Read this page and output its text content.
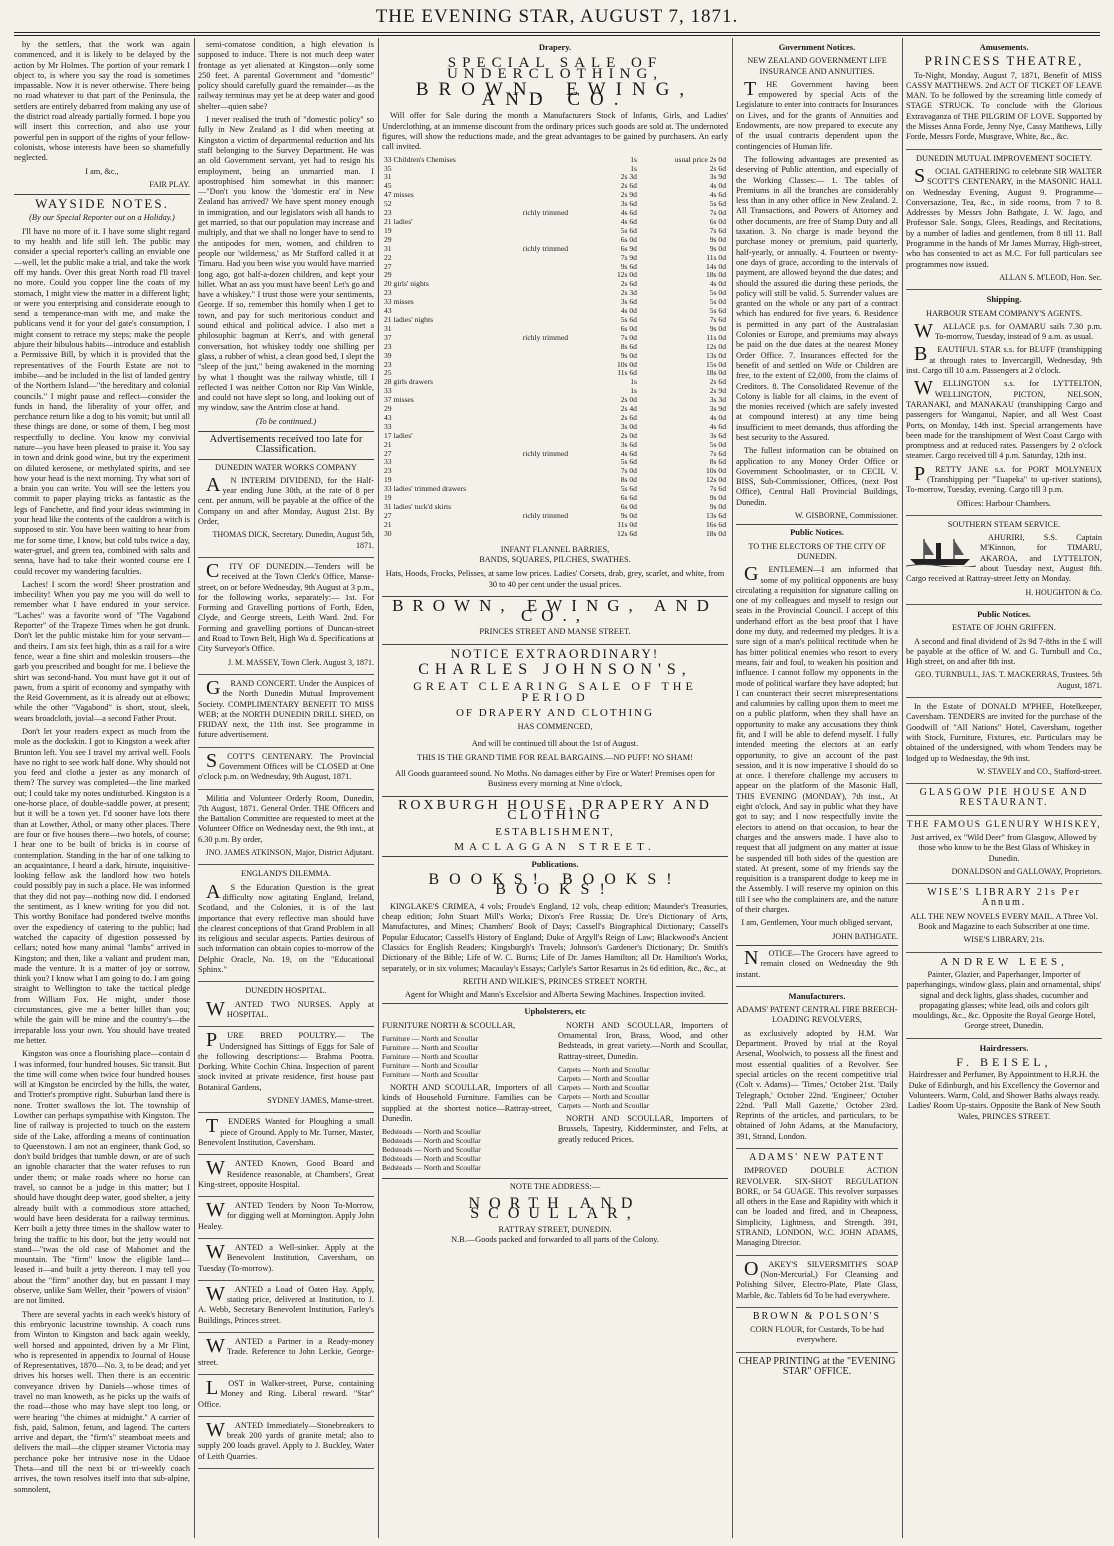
THE EVENING STAR, AUGUST 7, 1871.

by the settlers, that the work was again commenced, and it is likely to be delayed by the action by Mr Holmes. The portion of your remark I object to, is where you say the road is sometimes impassable. Now it is never otherwise. There being no road whatever to that part of the Peninsula, the settlers are entirely debarred from making any use of the district road already partially formed. I hope you will insert this correction, and also use your powerful pen in support of the rights of your fellow-colonists, whose interests have been so shamefully neglected.

I am, &c.,

FAIR PLAY.

WAYSIDE NOTES.

(By our Special Reporter out on a Holiday.)

I'll have no more of it. I have some slight regard to my health and life still left. The public may consider a special reporter's calling an enviable one—well, let the public make a trial, and take the work off my hands. Over this great North road I'll travel no more. Could you copper line the coats of my stomach, I might view the matter in a different light; or were you enterprising and considerate enough to send a temperance-man with me, and make the publicans vend it for your del gate's consumption, I might consent to retrace my steps; make the people abjure their bibulous habits—introduce and establish a Permissive Bill, by which it is provided that the representatives of the Fourth Estate are not to imbibe—and be included in the list of landed gentry of the Northern Island—"the hereditary and colonial councils." I might pause and reflect—consider the funds in hand, the liberality of your offer, and perchance return like a dog to his vomit; but until all these things are done, or some of them, I beg most respectfully to decline. You know my convivial nature—you have been pleased to praise it. You say in town and drink good wine, but try the experiment on diluted kerosene, or methylated spirits, and see how your head is the next morning. Try what sort of a brain you can write. You will see the letters you commit to paper playing tricks as fantastic as the legs of Fanchette, and find your ideas swimming in your head like the contents of the cauldron a witch is supposed to stir. You have been waiting to hear from me for some time, I know, but cold tubs twice a day, water-gruel, and green tea, combined with salts and senna, have had to take their wonted course ere I could recover my wandering faculties.

Laches! I scorn the word! Sheer prostration and imbecility! When you pay me you will do well to remember what I have endured in your service. "Laches" was a favorite word of "The Vagabond Reporter" of the Trapeze Times when he got drunk. Don't let the public mistake him for your servant—and theirs. I am six feet high, thin as a rail for a wire fence, wear a fine shirt and moleskin trousers—the garb you prescribed and bought for me. I believe the shirt was second-hand. You must have got it out of pawn, from a spirit of economy and sympathy with the Reid Government, as it is already out at elbows; while the other "Vagabond" is short, stout, sleek, wears broadcloth, jovial—a second Father Prout.

Don't let your readers expect as much from the mole as the dockskin. I got to Kingston a week after Brunton left. You see I travel my arrival well. Fools have no right to see work half done. Why should not you feed and clothe a jester as any monarch of them? The survey was completed—the line marked out; I could take my notes undisturbed. Kingston is a one-horse place, of double-saddle power, at present; but it will be a town yet. I'd sooner have lots there than at Lowther, Athol, or many other places. There are four or five houses there—two hotels, of course; I hear one to be built of bricks is in course of contemplation. Standing in the bar of one talking to an acquaintance, I heard a dark, hirsute, inquisitive-looking fellow ask the landlord how two hotels could possibly pay in such a place. He was informed that they did not pay—nothing now did. I endorsed the sentiment, as I knew writing for you did not. This worthy Boniface had pondered twelve months over the expediency of catering to the public; had watched the capacity of digestion possessed by cellars; noted how many animal "lambs" arrived in Kingston; and then, like a valiant and prudent man, made the venture. It is a matter of joy or sorrow, think you? I know what I am going to do. I am going straight to Wellington to take the tactical pledge from William Fox. He might, under those circumstances, give me a better billet than you; while the gain will be mine and the country's—the irreparable loss your own. You should have treated me better.

Kingston was once a flourishing place—contain d I was informed, four hundred houses. Sic transit. But the time will come when twice four hundred houses will at Kingston be encircled by the hills, the water, and Trotter's promptive right. Suburban land there is none. Trotter swallows the lot. The township of Lowther can perhaps sympathise with Kingston. The line of railway is projected to touch on the eastern side of the Lake, affording a means of continuation to Queenstown. I am not an engineer, thank God, so don't build bridges that tumble down, or are of such an ignoble character that the water refuses to run under them; or make roads where no horse can travel, so cannot be a judge in this matter; but I should have thought deep water, good shelter, a jetty already built with a commodious store attached, would have been desiderata for a railway terminus. Kerr built a jetty three times in the shallow water to bring the traffic to his door, but the jetty would not stand—"twas the old case of Mahomet and the mountain. The "firm" know the eligible land—leased it—and built a jetty thereon. I may tell you about the "firm" another day, but en passant I may observe, unlike Sam Weller, their "powers of vision" are not limited.

There are several yachts in each week's history of this embryonic lacustrine township. A coach runs from Winton to Kingston and back again weekly, well horsed and appointed, driven by a Mr Flint, who is represented in appendix to Journal of House of Representatives, 1870—No. 3, to be dead; and yet drives his horses well. Then there is an eccentric conveyance driven by Daniels—whose times of travel no man knoweth, as he picks up the waifs of the road—those who may have slept too long, or were hearing "the chimes at midnight." A carrier of fish, paid, Salmon, fetum, and lagend. The carters arrive and depart, the "firm's" steamboat meets and delivers the mail—the clipper steamer Victoria may perchance poke her intrusive nose in the Udaoe Theta—and till the next bi or tri-weekly coach arrives, the town resolves itself into that sub-alpine, somnolent,

semi-comatose condition, a high elevation is supposed to induce. There is not much deep water frontage as yet alienated at Kingston—only some 250 feet. A parental Government and "domestic" policy should carefully guard the remainder—as the railway terminus may yet be at deep water and good shelter—quien sabe?

I never realised the truth of "domestic policy" so fully in New Zealand as I did when meeting at Kingston a victim of departmental reduction and his staff belonging to the Survey Department. He was an old Government servant, yet had to resign his employment, being an unmarried man. I apostrophised him somewhat in this manner:—"Don't you know the 'domestic era' in New Zealand has arrived? We have spent money enough in immigration, and our legislators wish all hands to get married, so that our population may increase and multiply, and that we shall no longer have to send to the antipodes for men, women, and children to people our 'wilderness,' as Mr Stafford called it at Timaru. Had you been wise you would have married long ago, got half-a-dozen children, and kept your billet. What an ass you must have been! Let's go and have a whiskey." I trust those were your sentiments, George. If so, remember this homily when I get to town, and pay for such meritorious conduct and sound ethical and political advice. I also met a philosophic bagman at Kerr's, and with general conversation, hot whiskey toddy one shilling per glass, a rubber of whist, a clean good bed, I slept the "sleep of the just," being awakened in the morning by what I thought was the railway whistle, till I reflected I was neither Cotton nor Rip Van Winkle, and could not have slept so long, and looking out of my window, saw the Antrim close at hand.

(To be continued.)

Advertisements received too late for Classification.

DUNEDIN WATER WORKS COMPANY

AN INTERIM DIVIDEND, for the Half-year ending June 30th, at the rate of 8 per cent. per annum, will be payable at the office of the Company on and after Monday, August 21st. By Order,

THOMAS DICK, Secretary. Dunedin, August 5th, 1871.

CITY OF DUNEDIN.—Tenders will be received at the Town Clerk's Office, Manse-street, on or before Wednesday, 9th August at 3 p.m., for the following works, separately:— 1st. For Forming and Gravelling portions of Forth, Eden, Clyde, and George streets, Leith Ward. 2nd. For Forming and gravelling portions of Duncan-street and Road to Town Belt, High Wa d. Specifications at City Surveyor's Office.

J. M. MASSEY, Town Clerk. August 3, 1871.

GRAND CONCERT. Under the Auspices of the North Dunedin Mutual Improvement Society. COMPLIMENTARY BENEFIT TO MISS WEB; at the NORTH DUNEDIN DRILL SHED, on FRIDAY next, the 11th inst. See programme in future advertisement.

SCOTT'S CENTENARY. The Provincial Government Offices will be CLOSED at One o'clock p.m. on Wednesday, 9th August, 1871.

Militia and Volunteer Orderly Room, Dunedin, 7th August, 1871. General Order. THE Officers and the Battalion Committee are requested to meet at the Volunteer Office on Wednesday next, the 9th inst., at 6.30 p.m. By order,

JNO. JAMES ATKINSON, Major, District Adjutant.

ENGLAND'S DILEMMA.

AS the Education Question is the great difficulty now agitating England, Ireland, Scotland, and the Colonies, it is of the last importance that every reflective man should have the clearest conceptions of that Grand Problem in all its religious and secular aspects. Parties desirous of such information can obtain copies to-morrow of the Delphic Oracle, No. 19, on the "Educational Sphinx."

DUNEDIN HOSPITAL.

WANTED TWO NURSES. Apply at HOSPITAL.

PURE BRED POULTRY.— The Undersigned has Sittings of Eggs for Sale of the following descriptions:— Brahma Pootra. Dorking. White Cochin China. Inspection of parent stock invited at private residence, first house past Botanical Gardens,

SYDNEY JAMES, Manse-street.

TENDERS Wanted for Ploughing a small piece of Ground. Apply to Mr. Turner, Master, Benevolent Institution, Caversham.

WANTED Known, Good Board and Residence reasonable, at Chambers', Great King-street, opposite Hospital.

WANTED Tenders by Noon To-Morrow, for digging well at Mornington. Apply John Healey.

WANTED a Well-sinker. Apply at the Benevolent Institution, Caversham, on Tuesday (To-morrow).

WANTED a Load of Oaten Hay. Apply, stating price, delivered at Institution, to J. A. Webb, Secretary Benevolent Institution, Farley's Buildings, Princes street.

WANTED a Partner in a Ready-money Trade. Reference to John Leckie, George-street.

LOST in Walker-street, Purse, containing Money and Ring. Liberal reward. "Star" Office.

WANTED Immediately—Stonebreakers to break 200 yards of granite metal; also to supply 200 loads gravel. Apply to J. Buckley, Water of Leith Quarries.

Drapery.
SPECIAL SALE OF UNDERCLOTHING,
BROWN, EWING, AND CO.

Will offer for Sale during the month a Manufacturers Stock of Infants, Girls, and Ladies' Underclothing, at an immense discount from the ordinary prices such goods are sold at. The undernoted figures, will show the reductions made, and the great advantages to be gained by purchasers. An early call invited.

33 Children's Chemises		1s	usual price 2s 0d
35		1s	2s 6d
31		2s 3d	3s 9d
45		2s 6d	4s 0d
47 misses		2s 9d	4s 6d
52		3s 6d	5s 6d
23	richly trimmed	4s 6d	7s 0d
21 ladies'		4s 6d	6s 0d
19		5s 6d	7s 6d
29		6s 0d	9s 0d
31	richly trimmed	6s 9d	9s 0d
22		7s 9d	11s 0d
27		9s 6d	14s 0d
29		12s 0d	18s 0d
20 girls' nights		2s 6d	4s 0d
23		2s 3d	5s 0d
33 misses		3s 6d	5s 0d
43		4s 0d	5s 6d
21 ladies' nights		5s 6d	7s 6d
31		6s 0d	9s 0d
37	richly trimmed	7s 0d	11s 0d
23		8s 6d	12s 0d
39		9s 0d	13s 0d
23		10s 0d	15s 0d
25		11s 6d	18s 0d
28 girls drawers		1s	2s 6d
33		1s	2s 9d
37 misses		2s 0d	3s 3d
29		2s 4d	3s 9d
43		2s 6d	4s 0d
33		3s 0d	4s 6d
17 ladies'		2s 0d	3s 6d
21		3s 6d	5s 0d
27	richly trimmed	4s 6d	7s 6d
33		5s 6d	8s 6d
23		7s 0d	10s 0d
19		8s 0d	12s 0d
33 ladies' trimmed drawers		5s 6d	7s 6d
19		6s 6d	9s 0d
31 ladies' tuck'd skirts		6s 0d	9s 0d
27	richly trimmed	9s 0d	13s 6d
21		11s 0d	16s 6d
30		12s 6d	18s 0d
INFANT FLANNEL BARRIES,
BANDS, SQUARES, PILCHES, SWATHES.

Hats, Hoods, Frocks, Pelisses, at same low prices. Ladies' Corsets, drab, grey, scarlet, and white, from 30 to 40 per cent under the usual prices.

BROWN, EWING, AND CO.,
PRINCES STREET AND MANSE STREET.
NOTICE EXTRAORDINARY!
CHARLES JOHNSON'S,
GREAT CLEARING SALE OF THE PERIOD
OF DRAPERY AND CLOTHING
HAS COMMENCED,
And will be continued till about the 1st of August.
THIS IS THE GRAND TIME FOR REAL BARGAINS.—NO PUFF! NO SHAM!
All Goods guaranteed sound. No Moths. No damages either by Fire or Water! Premises open for Business every morning at Nine o'clock,
ROXBURGH HOUSE, DRAPERY AND CLOTHING
ESTABLISHMENT,
MACLAGGAN STREET.
Publications.
BOOKS! BOOKS! BOOKS!

KINGLAKE'S CRIMEA, 4 vols; Froude's England, 12 vols, cheap edition; Maunder's Treasuries, cheap edition; John Stuart Mill's Works; Dixon's Free Russia; Dr. Ure's Dictionary of Arts, Manufactures, and Mines; Chambers' Book of Days; Cassell's Biographical Dictionary; Cassell's Popular Educator; Cassell's History of England; Duke of Argyll's Reign of Law; Blackwood's Ancient Classics for English Readers; Kingsburgh's Travels; Johnson's Gardener's Dictionary; Dr. Smith's Dictionary of the Bible; Life of W. C. Burns; Life of Dr. James Hamilton; all Dr. Hamilton's Works, separately, or in six volumes; Macaulay's Essays; Carlyle's Sartor Resartus in 2s 6d edition, &c., &c., at

REITH AND WILKIE'S, PRINCES STREET NORTH.

Agent for Whight and Mann's Excelsior and Alberta Sewing Machines. Inspection invited.

Upholsterers, etc

FURNITURE NORTH & SCOULLAR,

Furniture — North and Scoullar
Furniture — North and Scoullar
Furniture — North and Scoullar
Furniture — North and Scoullar
Furniture — North and Scoullar

NORTH AND SCOULLAR, Importers of all kinds of Household Furniture. Families can be supplied at the shortest notice—Rattray-street, Dunedin.

Bedsteads — North and Scoullar
Bedsteads — North and Scoullar
Bedsteads — North and Scoullar
Bedsteads — North and Scoullar
Bedsteads — North and Scoullar

NORTH AND SCOULLAR, Importers of Ornamental Iron, Brass, Wood, and other Bedsteads, in great variety.—North and Scoullar, Rattray-street, Dunedin.

Carpets — North and Scoullar
Carpets — North and Scoullar
Carpets — North and Scoullar
Carpets — North and Scoullar
Carpets — North and Scoullar

NORTH AND SCOULLAR, Importers of Brussels, Tapestry, Kidderminster, and Felts, at greatly reduced Prices.

NOTE THE ADDRESS:—
NORTH AND SCOULLAR,
RATTRAY STREET, DUNEDIN.
N.B.—Goods packed and forwarded to all parts of the Colony.
Government Notices.

NEW ZEALAND GOVERNMENT LIFE INSURANCE AND ANNUITIES.

THE Government having been empowered by special Acts of the Legislature to enter into contracts for Insurances on Lives, and for the grants of Annuities and Endowments, are now prepared to execute any of the usual contracts dependent upon the contingencies of Human life.

The following advantages are presented as deserving of Public attention, and especially of the Working Classes:— 1. The tables of Premiums in all the branches are considerably less than in any other office in New Zealand. 2. All Transactions, and Powers of Attorney and other documents, are free of Stamp Duty and all taxation. 3. No charge is made beyond the purchase money or premium, paid quarterly, half-yearly, or annually. 4. Fourteen or twenty-one days of grace, according to the intervals of payment, are allowed beyond the due dates; and should the assured die during these periods, the policy will still be valid. 5. Surrender values are granted on the whole or any part of a contract which has endured for five years. 6. Residence is permitted in any part of the Australasian Colonies or Europe, and premiums may always be paid on the due dates at the nearest Money Order Office. 7. Insurances effected for the benefit of and settled on Wife or Children are free, to the extent of £2,000, from the claims of Creditors. 8. The Consolidated Revenue of the Colony is liable for all claims, in the event of the monies received (which are safely invested at compound interest) at any time being insufficient to meet demands, thus affording the best security to the Assured.

The fullest information can be obtained on application to any Money Order Office or Government Schoolmaster, or to CECIL V. BISS, Sub-Commissioner, Offices, (next Post Office), Central Hall Provincial Buildings, Dunedin.

W. GISBORNE, Commissioner.

Public Notices.

TO THE ELECTORS OF THE CITY OF DUNEDIN.

GENTLEMEN—I am informed that some of my political opponents are busy circulating a requisition for signature calling on one of my colleagues and myself to resign our seats in the Provincial Council. I accept of this underhand effort as the best proof that I have done my duty, and redeemed my pledges. It is a sure sign of a man's political rectitude when he has bitter political enemies who resort to every means, fair and foul, to weaken his position and influence. I cannot follow my opponents in the mode of political warfare they have adopted; but I can counteract their secret misrepresentations and calumnies by calling upon them to meet me on a public platform, when they shall have an opportunity to make any accusations they think fit, and I will be able to defend myself. I fully intended meeting the electors at an early opportunity, to give an account of the past session, and it is now imperative I should do so at once. I therefore challenge my accusers to appear on the platform of the Masonic Hall, THIS EVENING (MONDAY), 7th inst., At eight o'clock, And say in public what they have got to say; and I now respectfully invite the electors to attend on that occasion, to hear the charges and the answers made. I have also to request that all judgment on any matter at issue be suspended till both sides of the question are stated. At present, some of my friends say the requisition is a transparent dodge to keep me in the Assembly. I will reserve my opinion on this till I see who the complainers are, and the nature of their charges.

I am, Gentlemen, Your much obliged servant,

JOHN BATHGATE.

NOTICE—The Grocers have agreed to remain closed on Wednesday the 9th instant.

Manufacturers.

ADAMS' PATENT CENTRAL FIRE BREECH-LOADING REVOLVERS,

as exclusively adopted by H.M. War Department. Proved by trial at the Royal Arsenal, Woolwich, to possess all the finest and most essential qualities of a Revolver. See special articles on the recent competitive trial (Colt v. Adams)— 'Times,' October 21st. 'Daily Telegraph,' October 22nd. 'Engineer,' October 22nd. 'Pall Mall Gazette,' October 23rd. Reprints of the articles, and particulars, to be obtained of John Adams, at the Manufactory, 391, Strand, London.

ADAMS' NEW PATENT

IMPROVED DOUBLE ACTION REVOLVER. SIX-SHOT REGULATION BORE, or 54 GUAGE. This revolver surpasses all others in the Ease and Rapidity with which it can be loaded and fired, and in Cheapness, Simplicity, Lightness, and Strength. 391, STRAND, LONDON, W.C. JOHN ADAMS, Managing Director.

OAKEY'S SILVERSMITH'S SOAP (Non-Mercurial,) For Cleansing and Polishing Silver, Electro-Plate, Plate Glass, Marble, &c. Tablets 6d To be had everywhere.

BROWN & POLSON'S

CORN FLOUR, for Custards, To be had everywhere.

CHEAP PRINTING at the "EVENING STAR" OFFICE.

Amusements.
PRINCESS THEATRE,

To-Night, Monday, August 7, 1871, Benefit of MISS CASSY MATTHEWS. 2nd ACT OF TICKET OF LEAVE MAN. To be followed by the screaming little comedy of STAGE STRUCK. To conclude with the Glorious Extravaganza of THE PILGRIM OF LOVE. Supported by the Misses Anna Forde, Jenny Nye, Cassy Matthews, Lilly Forde, Messrs Forde, Musgrave, White, &c., &c.

DUNEDIN MUTUAL IMPROVEMENT SOCIETY.

SOCIAL GATHERING to celebrate SIR WALTER SCOTT'S CENTENARY, in the MASONIC HALL on Wednesday Evening, August 9. Programme—Conversazione, Tea, &c., in side rooms, from 7 to 8. Addresses by Messrs John Bathgate, J. W. Jago, and Professor Sale. Songs, Glees, Readings, and Recitations, by a number of ladies and gentlemen, from 8 till 11. Ball Programme in the hands of Mr James Murray, High-street, who has consented to act as M.C. For full particulars see programmes now issued.

ALLAN S. M'LEOD, Hon. Sec.

Shipping.

HARBOUR STEAM COMPANY'S AGENTS.

WALLACE p.s. for OAMARU sails 7.30 p.m. To-morrow, Tuesday, instead of 9 a.m. as usual.

BEAUTIFUL STAR s.s. for BLUFF (transhipping at through rates to Invercargill, Wednesday, 9th inst. Cargo till 10 a.m. Passengers at 2 o'clock.

WELLINGTON s.s. for LYTTELTON, WELLINGTON, PICTON, NELSON, TARANAKI, and MANAKAU (transhipping Cargo and passengers for Wanganui, Napier, and all West Coast Ports, on Monday, 14th inst. Special arrangements have been made for the transhipment of West Coast Cargo with promptness and at reduced rates. Passengers by 2 o'clock steamer. Cargo received till 4 p.m. Saturday, 12th inst.

PRETTY JANE s.s. for PORT MOLYNEUX (Transhipping per "Tuapeka" to up-river stations), To-morrow, Tuesday, evening. Cargo till 3 p.m.

Offices: Harbour Chambers.

SOUTHERN STEAM SERVICE.

AHURIRI, S.S. Captain M'Kinnon, for TIMARU, AKAROA, and LYTTELTON, about Tuesday next, August 8th. Cargo received at Rattray-street Jetty on Monday.

H. HOUGHTON & Co.

Public Notices.

ESTATE OF JOHN GRIFFEN.

A second and final dividend of 2s 9d 7-8ths in the £ will be payable at the office of W. and G. Turnbull and Co., High street, on and after 8th inst.

GEO. TURNBULL, JAS. T. MACKERRAS, Trustees. 5th August, 1871.

In the Estate of DONALD M'PHEE, Hotelkeeper, Caversham. TENDERS are invited for the purchase of the Goodwill of "All Nations" Hotel, Caversham, together with Stock, Furniture, Fixtures, etc. Particulars may be obtained of the undersigned, with whom Tenders may be lodged up to Wednesday, the 9th inst.

W. STAVELY and CO., Stafford-street.

GLASGOW PIE HOUSE AND RESTAURANT.

THE FAMOUS GLENURY WHISKEY,

Just arrived, ex "Wild Deer" from Glasgow, Allowed by those who know to be the Best Glass of Whiskey in Dunedin.

DONALDSON and GALLOWAY, Proprietors.

WISE'S LIBRARY 21s Per Annum.

ALL THE NEW NOVELS EVERY MAIL. A Three Vol. Book and Magazine to each Subscriber at one time.

WISE'S LIBRARY, 21s.

ANDREW LEES,

Painter, Glazier, and Paperhanger, Importer of paperhangings, window glass, plain and ornamental, ships' signal and deck lights, glass shades, cucumber and propagating glasses; white lead, oils and colors gilt mouldings, &c., &c. Opposite the Royal George Hotel, George street, Dunedin.

Hairdressers.

F. BEISEL,

Hairdresser and Perfumer, By Appointment to H.R.H. the Duke of Edinburgh, and his Excellency the Governor and Volunteers. Warm, Cold, and Shower Baths always ready. Ladies' Room Up-stairs. Opposite the Bank of New South Wales, PRINCES STREET.
